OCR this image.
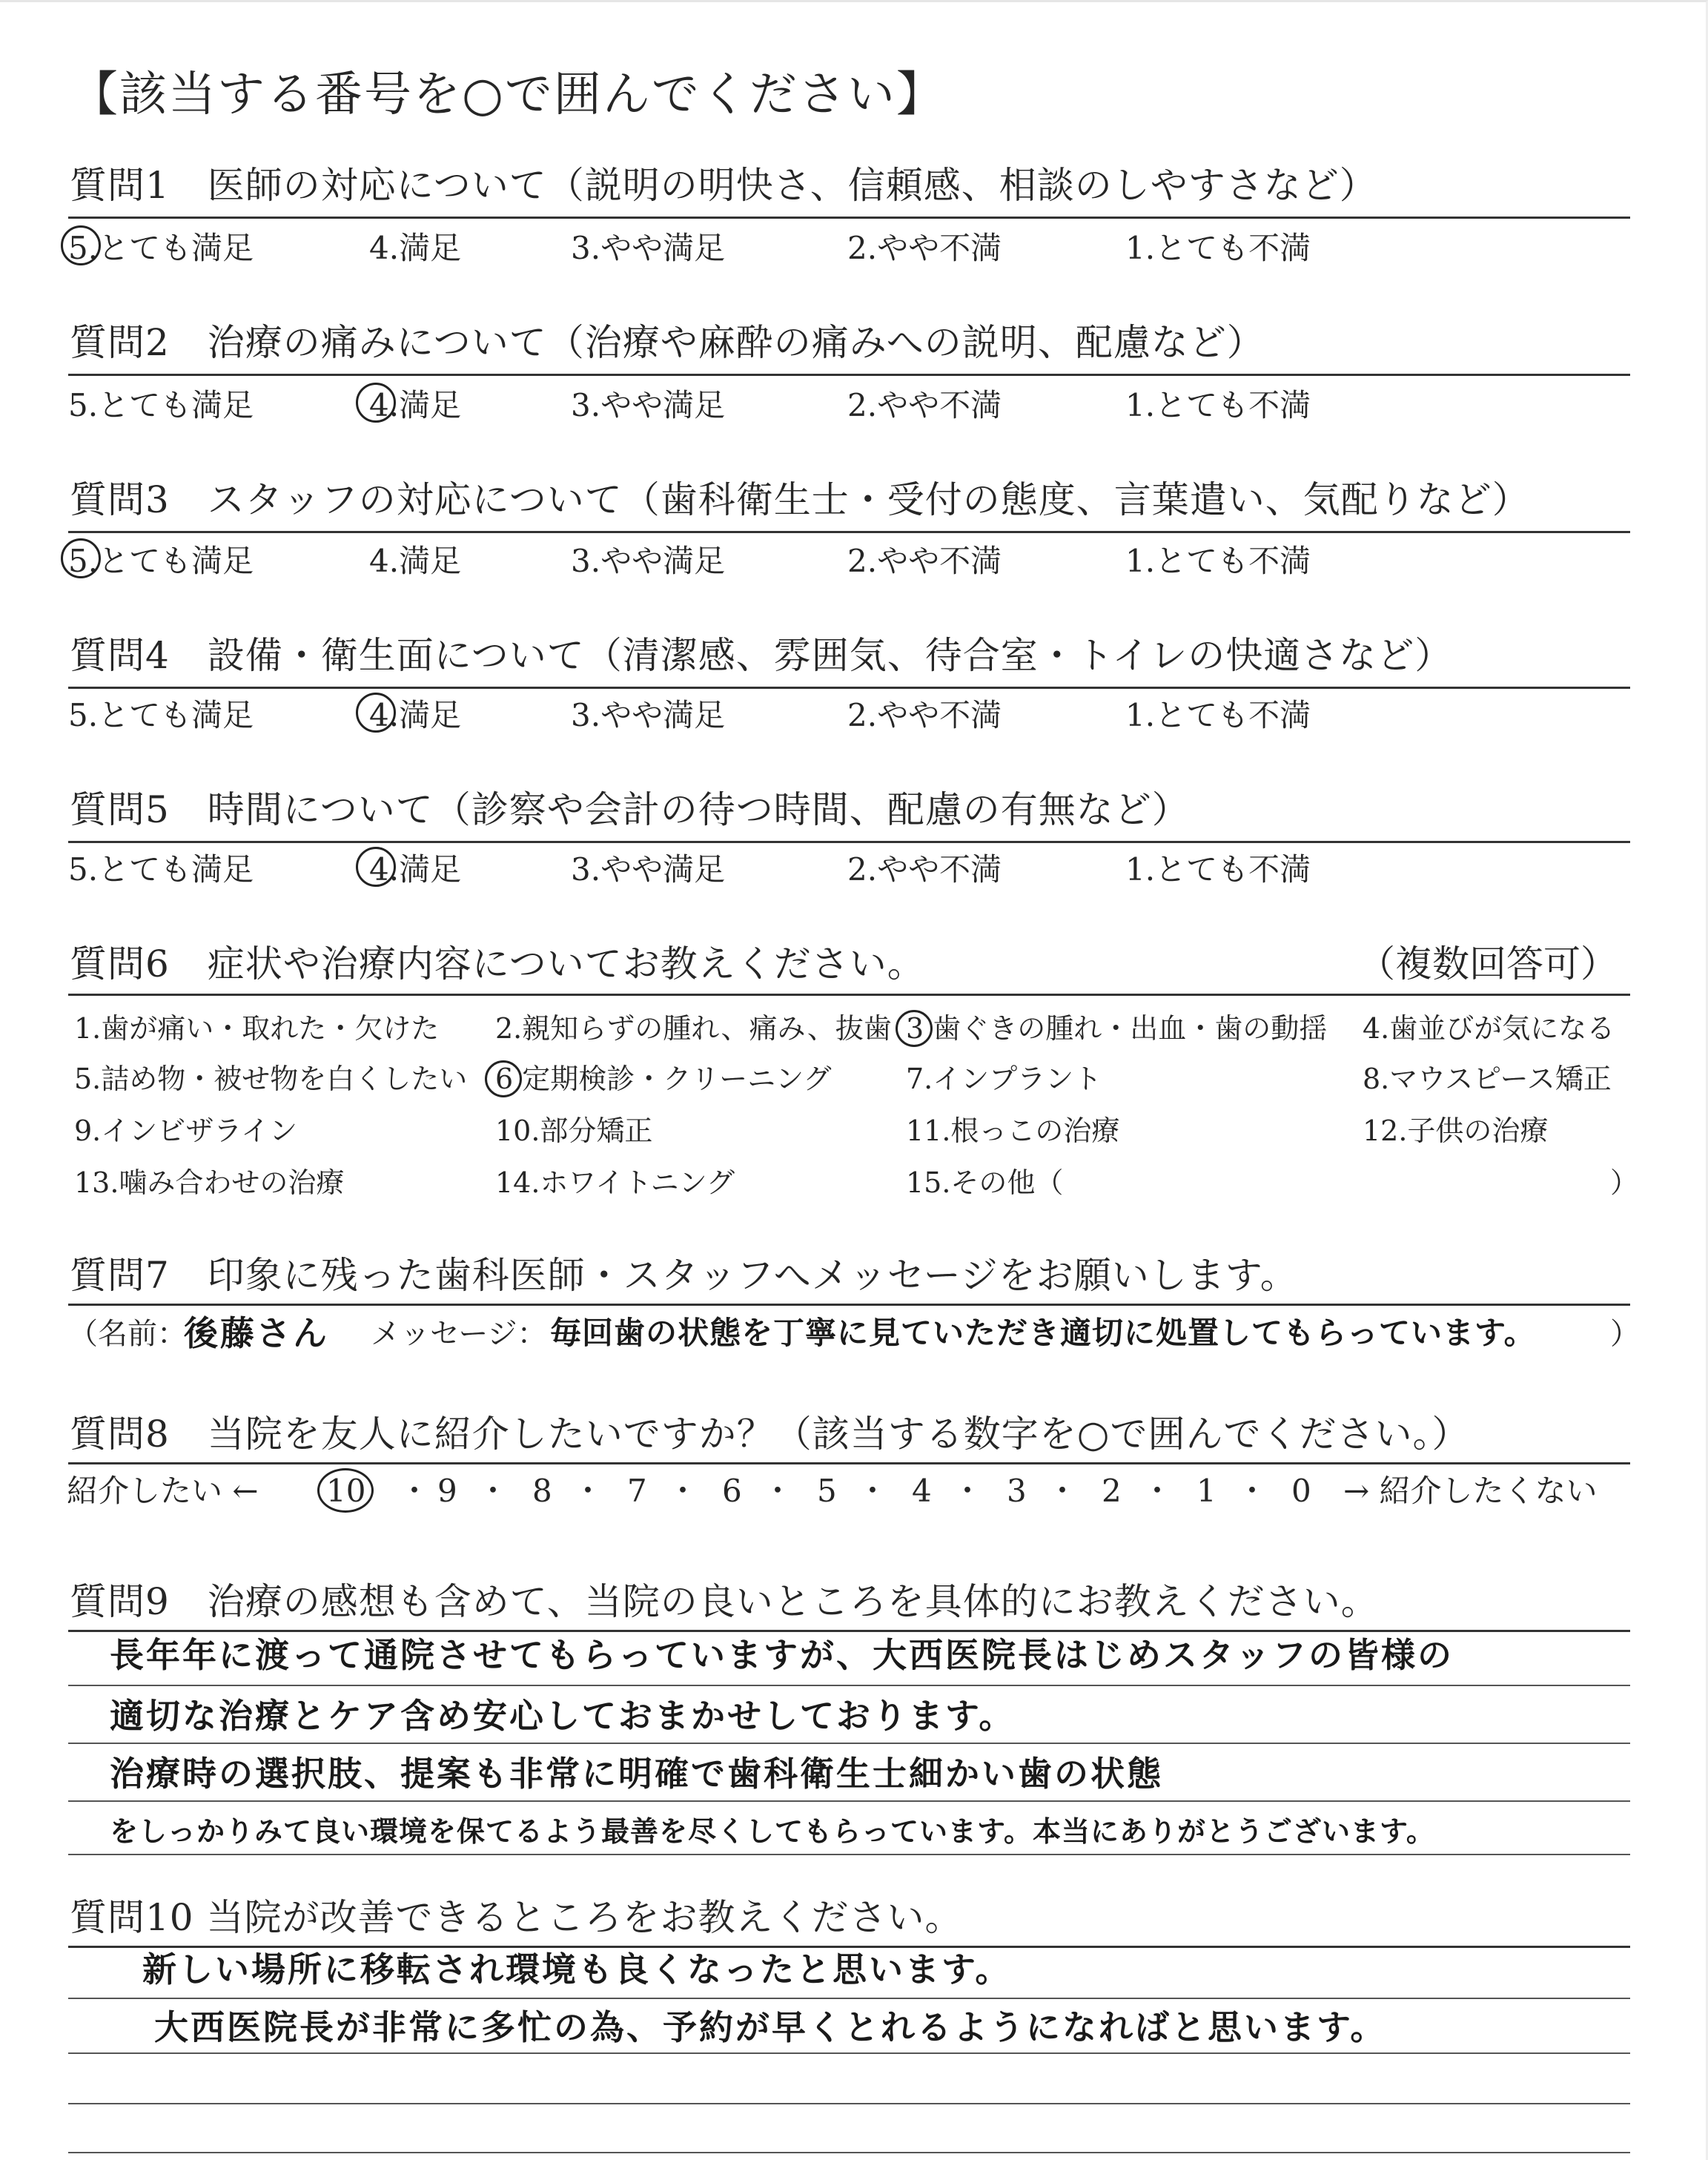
【該当する番号を○で囲んでください】
質問1　医師の対応について（説明の明快さ、信頼感、相談のしやすさなど）
5.とても満足	4.満足	3.やや満足	2.やや不満	1.とても不満
質問2　治療の痛みについて（治療や麻酔の痛みへの説明、配慮など）
5.とても満足	4.満足	3.やや満足	2.やや不満	1.とても不満
質問3　スタッフの対応について（歯科衛生士・受付の態度、言葉遣い、気配りなど）
5.とても満足	4.満足	3.やや満足	2.やや不満	1.とても不満
質問4　設備・衛生面について（清潔感、雰囲気、待合室・トイレの快適さなど）
5.とても満足	4.満足	3.やや満足	2.やや不満	1.とても不満
質問5　時間について（診察や会計の待つ時間、配慮の有無など）
5.とても満足	4.満足	3.やや満足	2.やや不満	1.とても不満
質問6　症状や治療内容についてお教えください。	（複数回答可）
1.歯が痛い・取れた・欠けた 2.親知らずの腫れ、痛み、抜歯 3 歯ぐきの腫れ・出血・歯の動揺 4.歯並びが気になる
5.詰め物・被せ物を白くしたい 6 定期検診・クリーニング	7.インプラント	8.マウスピース矯正
9.インビザライン	10.部分矯正	11.根っこの治療	12.子供の治療
13.噛み合わせの治療	14.ホワイトニング	15.その他（	）
質問7　印象に残った歯科医師・スタッフへメッセージをお願いします。
（名前：
後藤さん メッセージ： 毎回歯の状態を丁寧に見ていただき適切に処置してもらっています。	）
質問8　当院を友人に紹介したいですか？（該当する数字を○で囲んでください。）
紹介したい ← 10 ・ 9 ・ 8 ・ 7 ・ 6 ・ 5 ・ 4 ・ 3 ・ 2 ・ 1 ・ 0 → 紹介したくない
質問9　治療の感想も含めて、当院の良いところを具体的にお教えください。
長年年に渡って通院させてもらっていますが、大西医院長はじめスタッフの皆様の
適切な治療とケア含め安心しておまかせしております。
治療時の選択肢、提案も非常に明確で歯科衛生士細かい歯の状態
をしっかりみて良い環境を保てるよう最善を尽くしてもらっています。本当にありがとうございます。
質問10 当院が改善できるところをお教えください。
新しい場所に移転され環境も良くなったと思います。
大西医院長が非常に多忙の為、予約が早くとれるようになればと思います。
